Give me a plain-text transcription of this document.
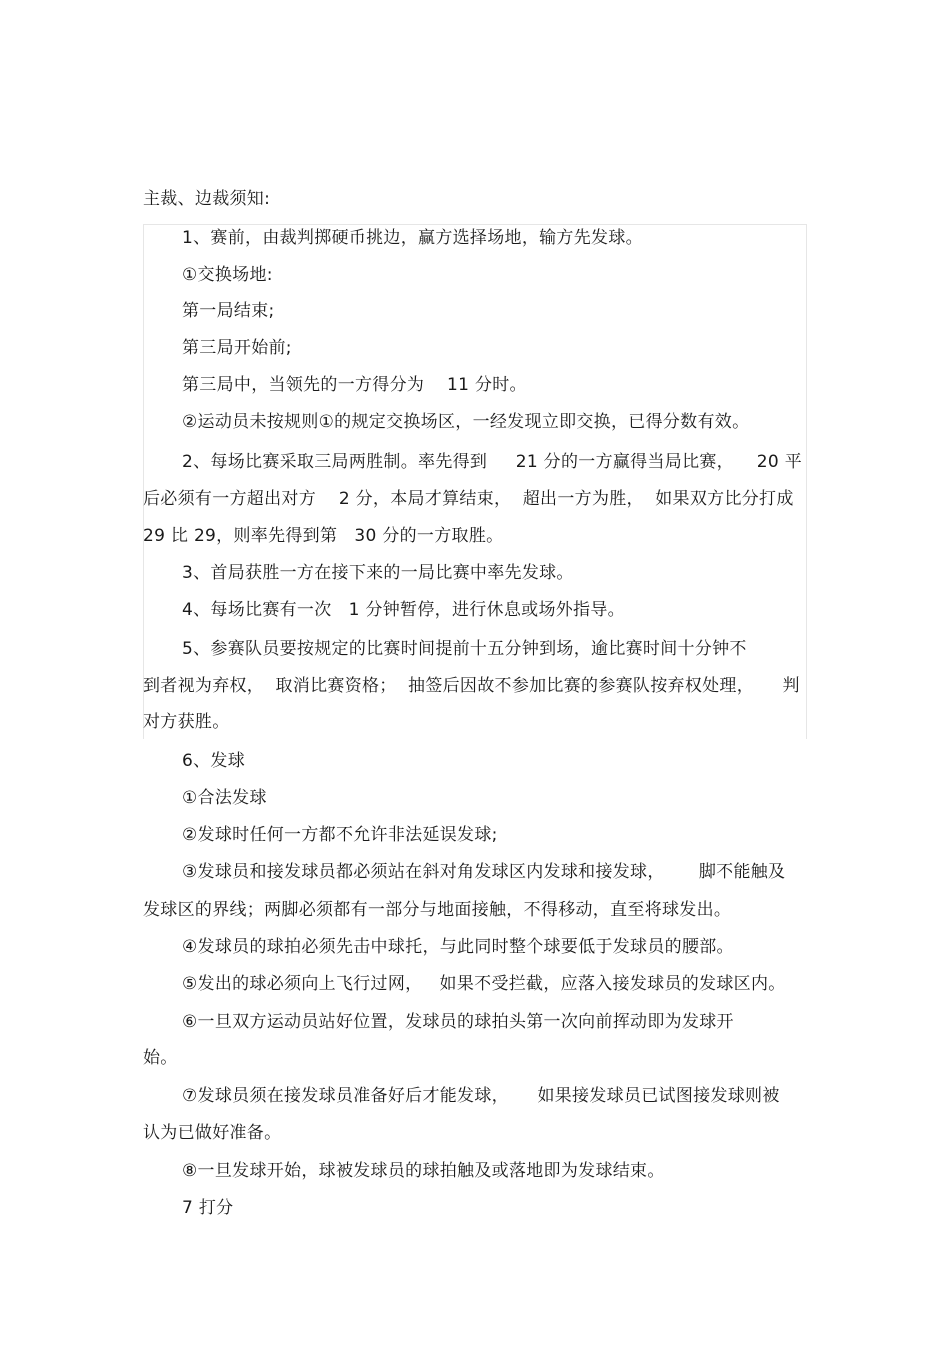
主裁、边裁须知:
1、赛前，由裁判掷硬币挑边，赢方选择场地，输方先发球。
①交换场地:
第一局结束;
第三局开始前;
第三局中，当领先的一方得分为    11 分时。
②运动员未按规则①的规定交换场区，一经发现立即交换，已得分数有效。
2、每场比赛采取三局两胜制。率先得到     21 分的一方赢得当局比赛，    20 平
后必须有一方超出对方    2 分，本局才算结束，  超出一方为胜，  如果双方比分打成
29 比 29，则率先得到第   30 分的一方取胜。
3、首局获胜一方在接下来的一局比赛中率先发球。
4、每场比赛有一次   1 分钟暂停，进行休息或场外指导。
5、参赛队员要按规定的比赛时间提前十五分钟到场，逾比赛时间十分钟不
到者视为弃权，  取消比赛资格；  抽签后因故不参加比赛的参赛队按弃权处理，     判
对方获胜。
6、发球
①合法发球
②发球时任何一方都不允许非法延误发球;
③发球员和接发球员都必须站在斜对角发球区内发球和接发球，      脚不能触及
发球区的界线；两脚必须都有一部分与地面接触，不得移动，直至将球发出。
④发球员的球拍必须先击中球托，与此同时整个球要低于发球员的腰部。
⑤发出的球必须向上飞行过网，   如果不受拦截，应落入接发球员的发球区内。
⑥一旦双方运动员站好位置，发球员的球拍头第一次向前挥动即为发球开
始。
⑦发球员须在接发球员准备好后才能发球，     如果接发球员已试图接发球则被
认为已做好准备。
⑧一旦发球开始，球被发球员的球拍触及或落地即为发球结束。
7 打分
